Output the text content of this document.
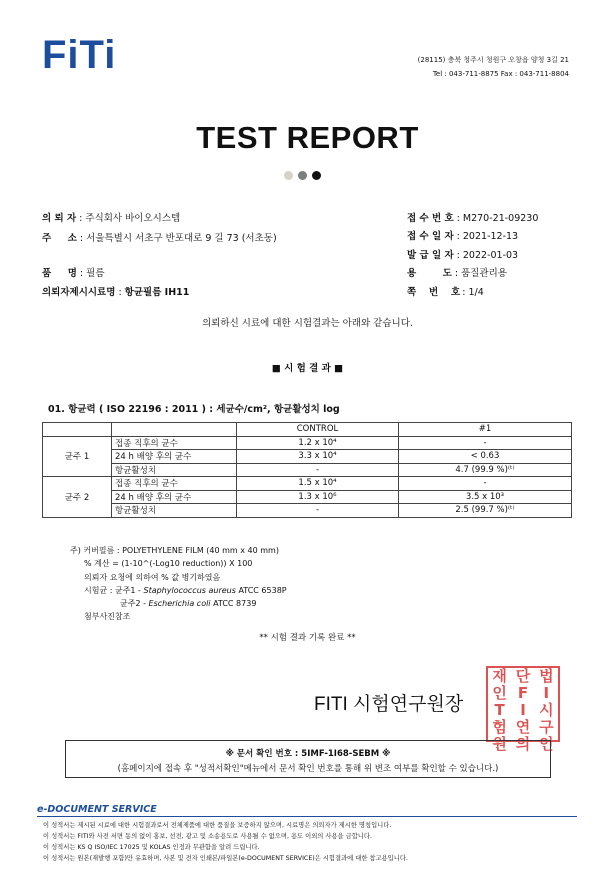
FiTi	(28115) 충북 청주시 청원구 오창읍 양청 3길 21
Tel : 043-711-8875 Fax : 043-711-8804
TEST REPORT
의 뢰 자 : 주식회사 바이오시스템
주     소 : 서울특별시 서초구 반포대로 9 길 73 (서초동)
품     명 : 필름
의뢰자제시시료명 : 항균필름 IH11
접 수 번 호 : M270-21-09230
접 수 일 자 : 2021-12-13
발 급 일 자 : 2022-01-03
용        도 : 품질관리용
쪽      번      호 : 1/4
의뢰하신 시료에 대한 시험결과는 아래와 같습니다.
■ 시 험 결 과 ■
01. 항균력 ( ISO 22196 : 2011 ) : 세균수/cm², 항균활성치 log
		CONTROL	#1
균주 1	접종 직후의 균수	1.2 x 10⁴	-
	24 h 배양 후의 균수	3.3 x 10⁴	< 0.63
	항균활성치	-	4.7 (99.9 %)⁽ᵗ⁾
균주 2	접종 직후의 균수	1.5 x 10⁴	-
	24 h 배양 후의 균수	1.3 x 10⁶	3.5 x 10³
	항균활성치	-	2.5 (99.7 %)⁽ᵗ⁾
주) 커버필름 : POLYETHYLENE FILM (40 mm x 40 mm)
% 계산 = (1-10^(-Log10 reduction)) X 100
의뢰자 요청에 의하여 % 값 병기하였음
시험균 : 균주1 - Staphylococcus aureus ATCC 6538P
균주2 - Escherichia coli ATCC 8739
첨부사진참조
** 시험 결과 기록 완료 **
FITI 시험연구원장
재 단 법
인 F	I
T	I 시
험 연 구
원 의 인
※ 문서 확인 번호 : 5IMF-1I68-SEBM ※
(홈페이지에 접속 후 "성적서확인"메뉴에서 문서 확인 번호를 통해 위 변조 여부를 확인할 수 있습니다.)
e-DOCUMENT SERVICE
이 성적서는 제시된 시료에 대한 시험결과로서 전체제품에 대한 품질을 보증하지 않으며, 시료명은 의뢰자가 제시한 명칭입니다.
이 성적서는 FITI와 사전 서면 동의 없이 홍보, 선전, 광고 및 소송용도로 사용될 수 없으며, 용도 이외의 사용을 금합니다.
이 성적서는 KS Q ISO/IEC 17025 및 KOLAS 인정과 무관함을 알려 드립니다.
이 성적서는 원본(재발행 포함)만 유효하며, 사본 및 전자 인쇄본/파일본(e-DOCUMENT SERVICE)은 시험결과에 대한 참고용입니다.
